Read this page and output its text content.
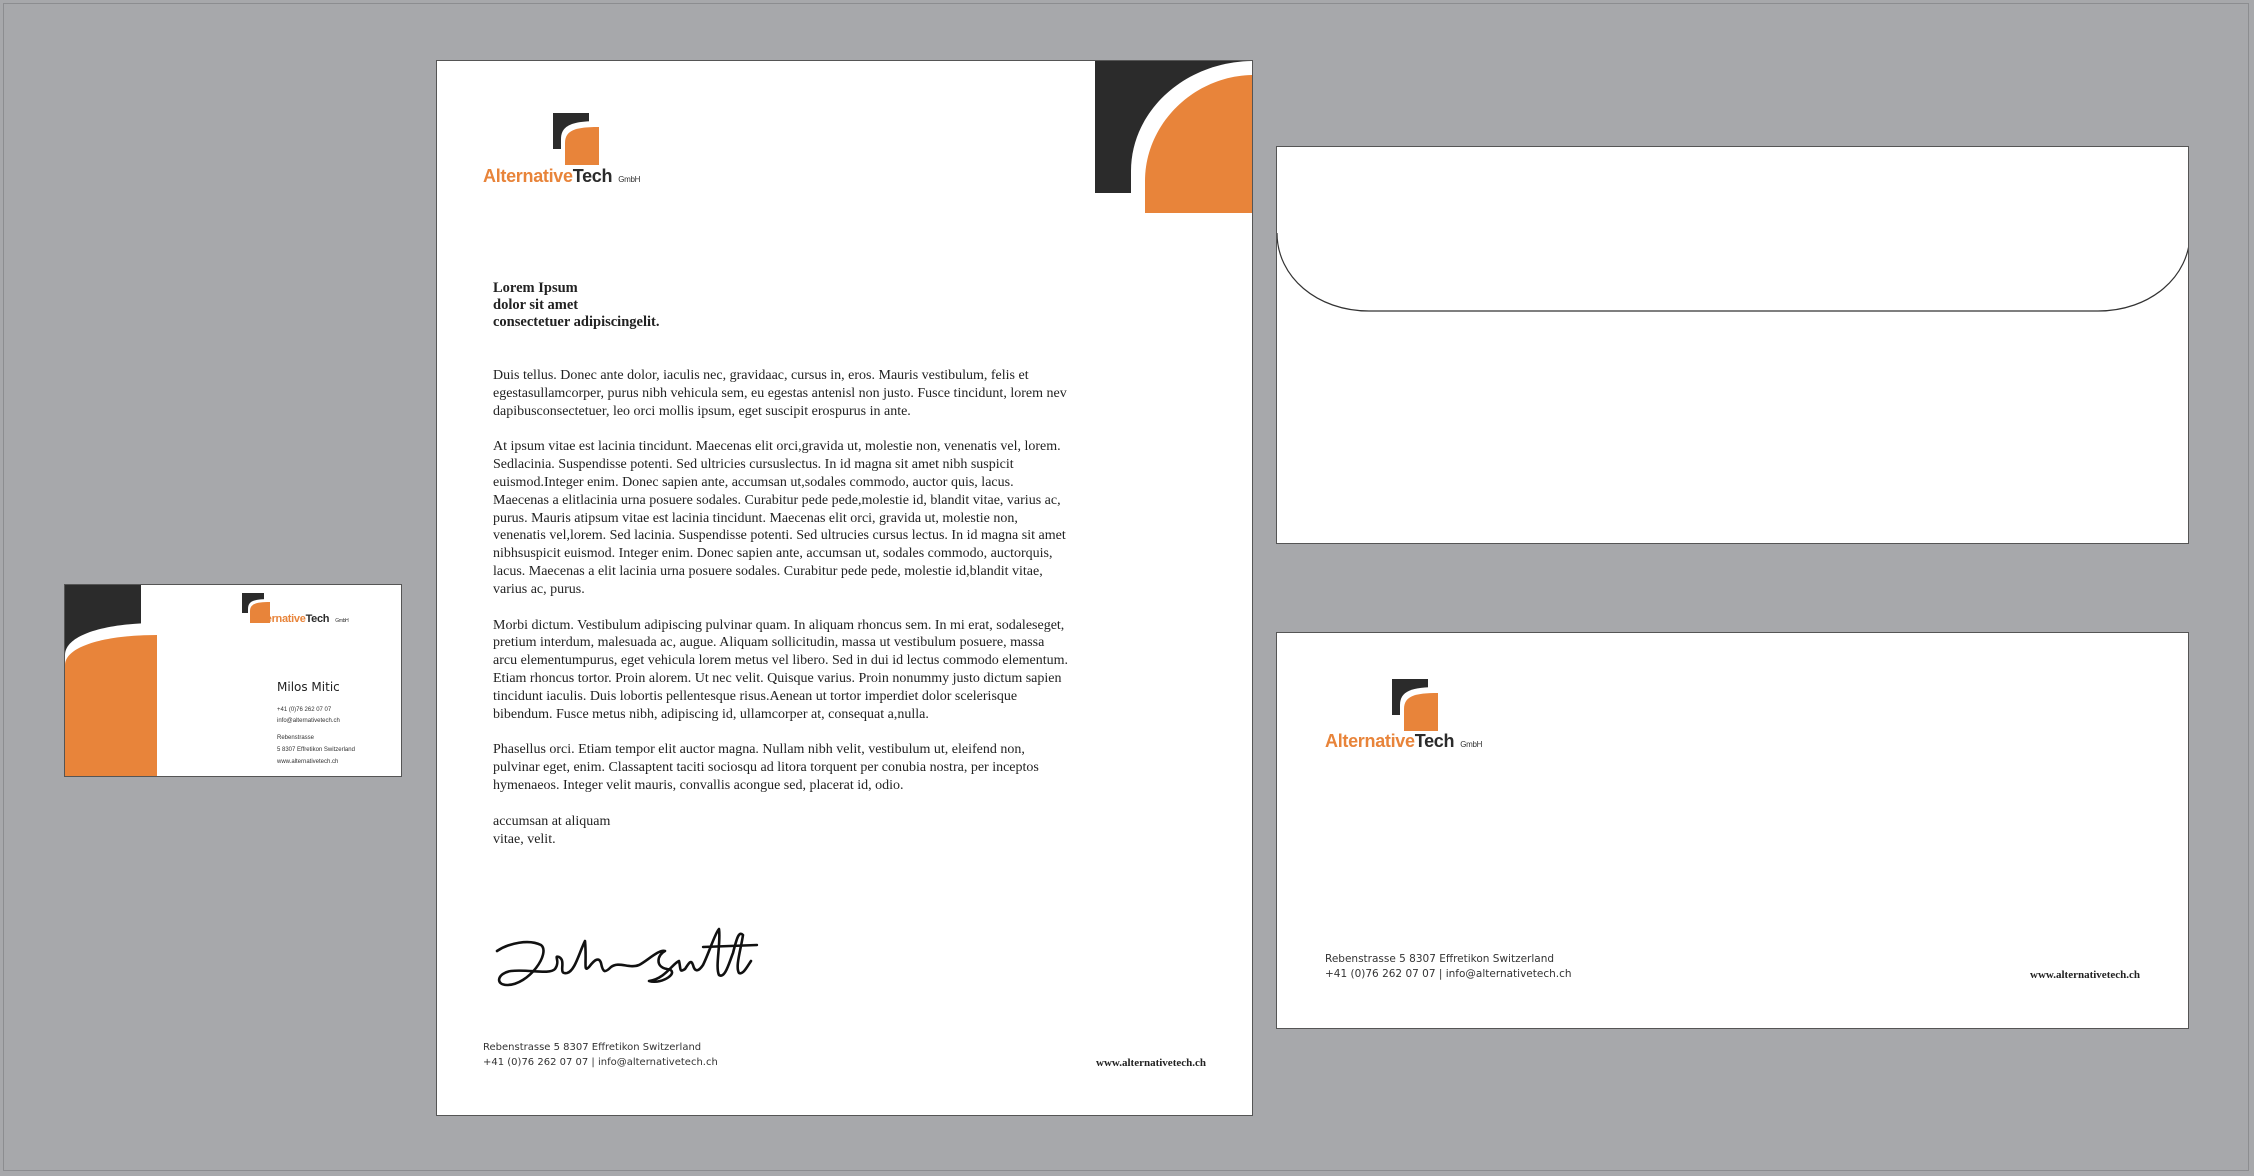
AlternativeTech GmbH
Milos Mitic
+41 (0)76 262 07 07
info@alternativetech.ch
Rebenstrasse
5 8307 Effretikon Switzerland
www.alternativetech.ch
AlternativeTech GmbH

Lorem Ipsum

dolor sit amet

consectetuer adipiscingelit.

Duis tellus. Donec ante dolor, iaculis nec, gravidaac, cursus in, eros. Mauris vestibulum, felis et egestasullamcorper, purus nibh vehicula sem, eu egestas antenisl non justo. Fusce tincidunt, lorem nev dapibusconsectetuer, leo orci mollis ipsum, eget suscipit erospurus in ante.

At ipsum vitae est lacinia tincidunt. Maecenas elit orci,gravida ut, molestie non, venenatis vel, lorem. Sedlacinia. Suspendisse potenti. Sed ultricies cursuslectus. In id magna sit amet nibh suspicit euismod.Integer enim. Donec sapien ante, accumsan ut,sodales commodo, auctor quis, lacus. Maecenas a elitlacinia urna posuere sodales. Curabitur pede pede,molestie id, blandit vitae, varius ac, purus. Mauris atipsum vitae est lacinia tincidunt. Maecenas elit orci, gravida ut, molestie non, venenatis vel,lorem. Sed lacinia. Suspendisse potenti. Sed ultrucies cursus lectus. In id magna sit amet nibhsuspicit euismod. Integer enim. Donec sapien ante, accumsan ut, sodales commodo, auctorquis, lacus. Maecenas a elit lacinia urna posuere sodales. Curabitur pede pede, molestie id,blandit vitae, varius ac, purus.

Morbi dictum. Vestibulum adipiscing pulvinar quam. In aliquam rhoncus sem. In mi erat, sodaleseget, pretium interdum, malesuada ac, augue. Aliquam sollicitudin, massa ut vestibulum posuere, massa arcu elementumpurus, eget vehicula lorem metus vel libero. Sed in dui id lectus commodo elementum. Etiam rhoncus tortor. Proin alorem. Ut nec velit. Quisque varius. Proin nonummy justo dictum sapien tincidunt iaculis. Duis lobortis pellentesque risus.Aenean ut tortor imperdiet dolor scelerisque bibendum. Fusce metus nibh, adipiscing id, ullamcorper at, consequat a,nulla.

Phasellus orci. Etiam tempor elit auctor magna. Nullam nibh velit, vestibulum ut, eleifend non, pulvinar eget, enim. Classaptent taciti sociosqu ad litora torquent per conubia nostra, per inceptos hymenaeos. Integer velit mauris, convallis acongue sed, placerat id, odio.

accumsan at aliquam

vitae, velit.

Rebenstrasse 5 8307 Effretikon Switzerland
+41 (0)76 262 07 07 | info@alternativetech.ch	www.alternativetech.ch
AlternativeTech GmbH
Rebenstrasse 5 8307 Effretikon Switzerland
+41 (0)76 262 07 07 | info@alternativetech.ch	www.alternativetech.ch
